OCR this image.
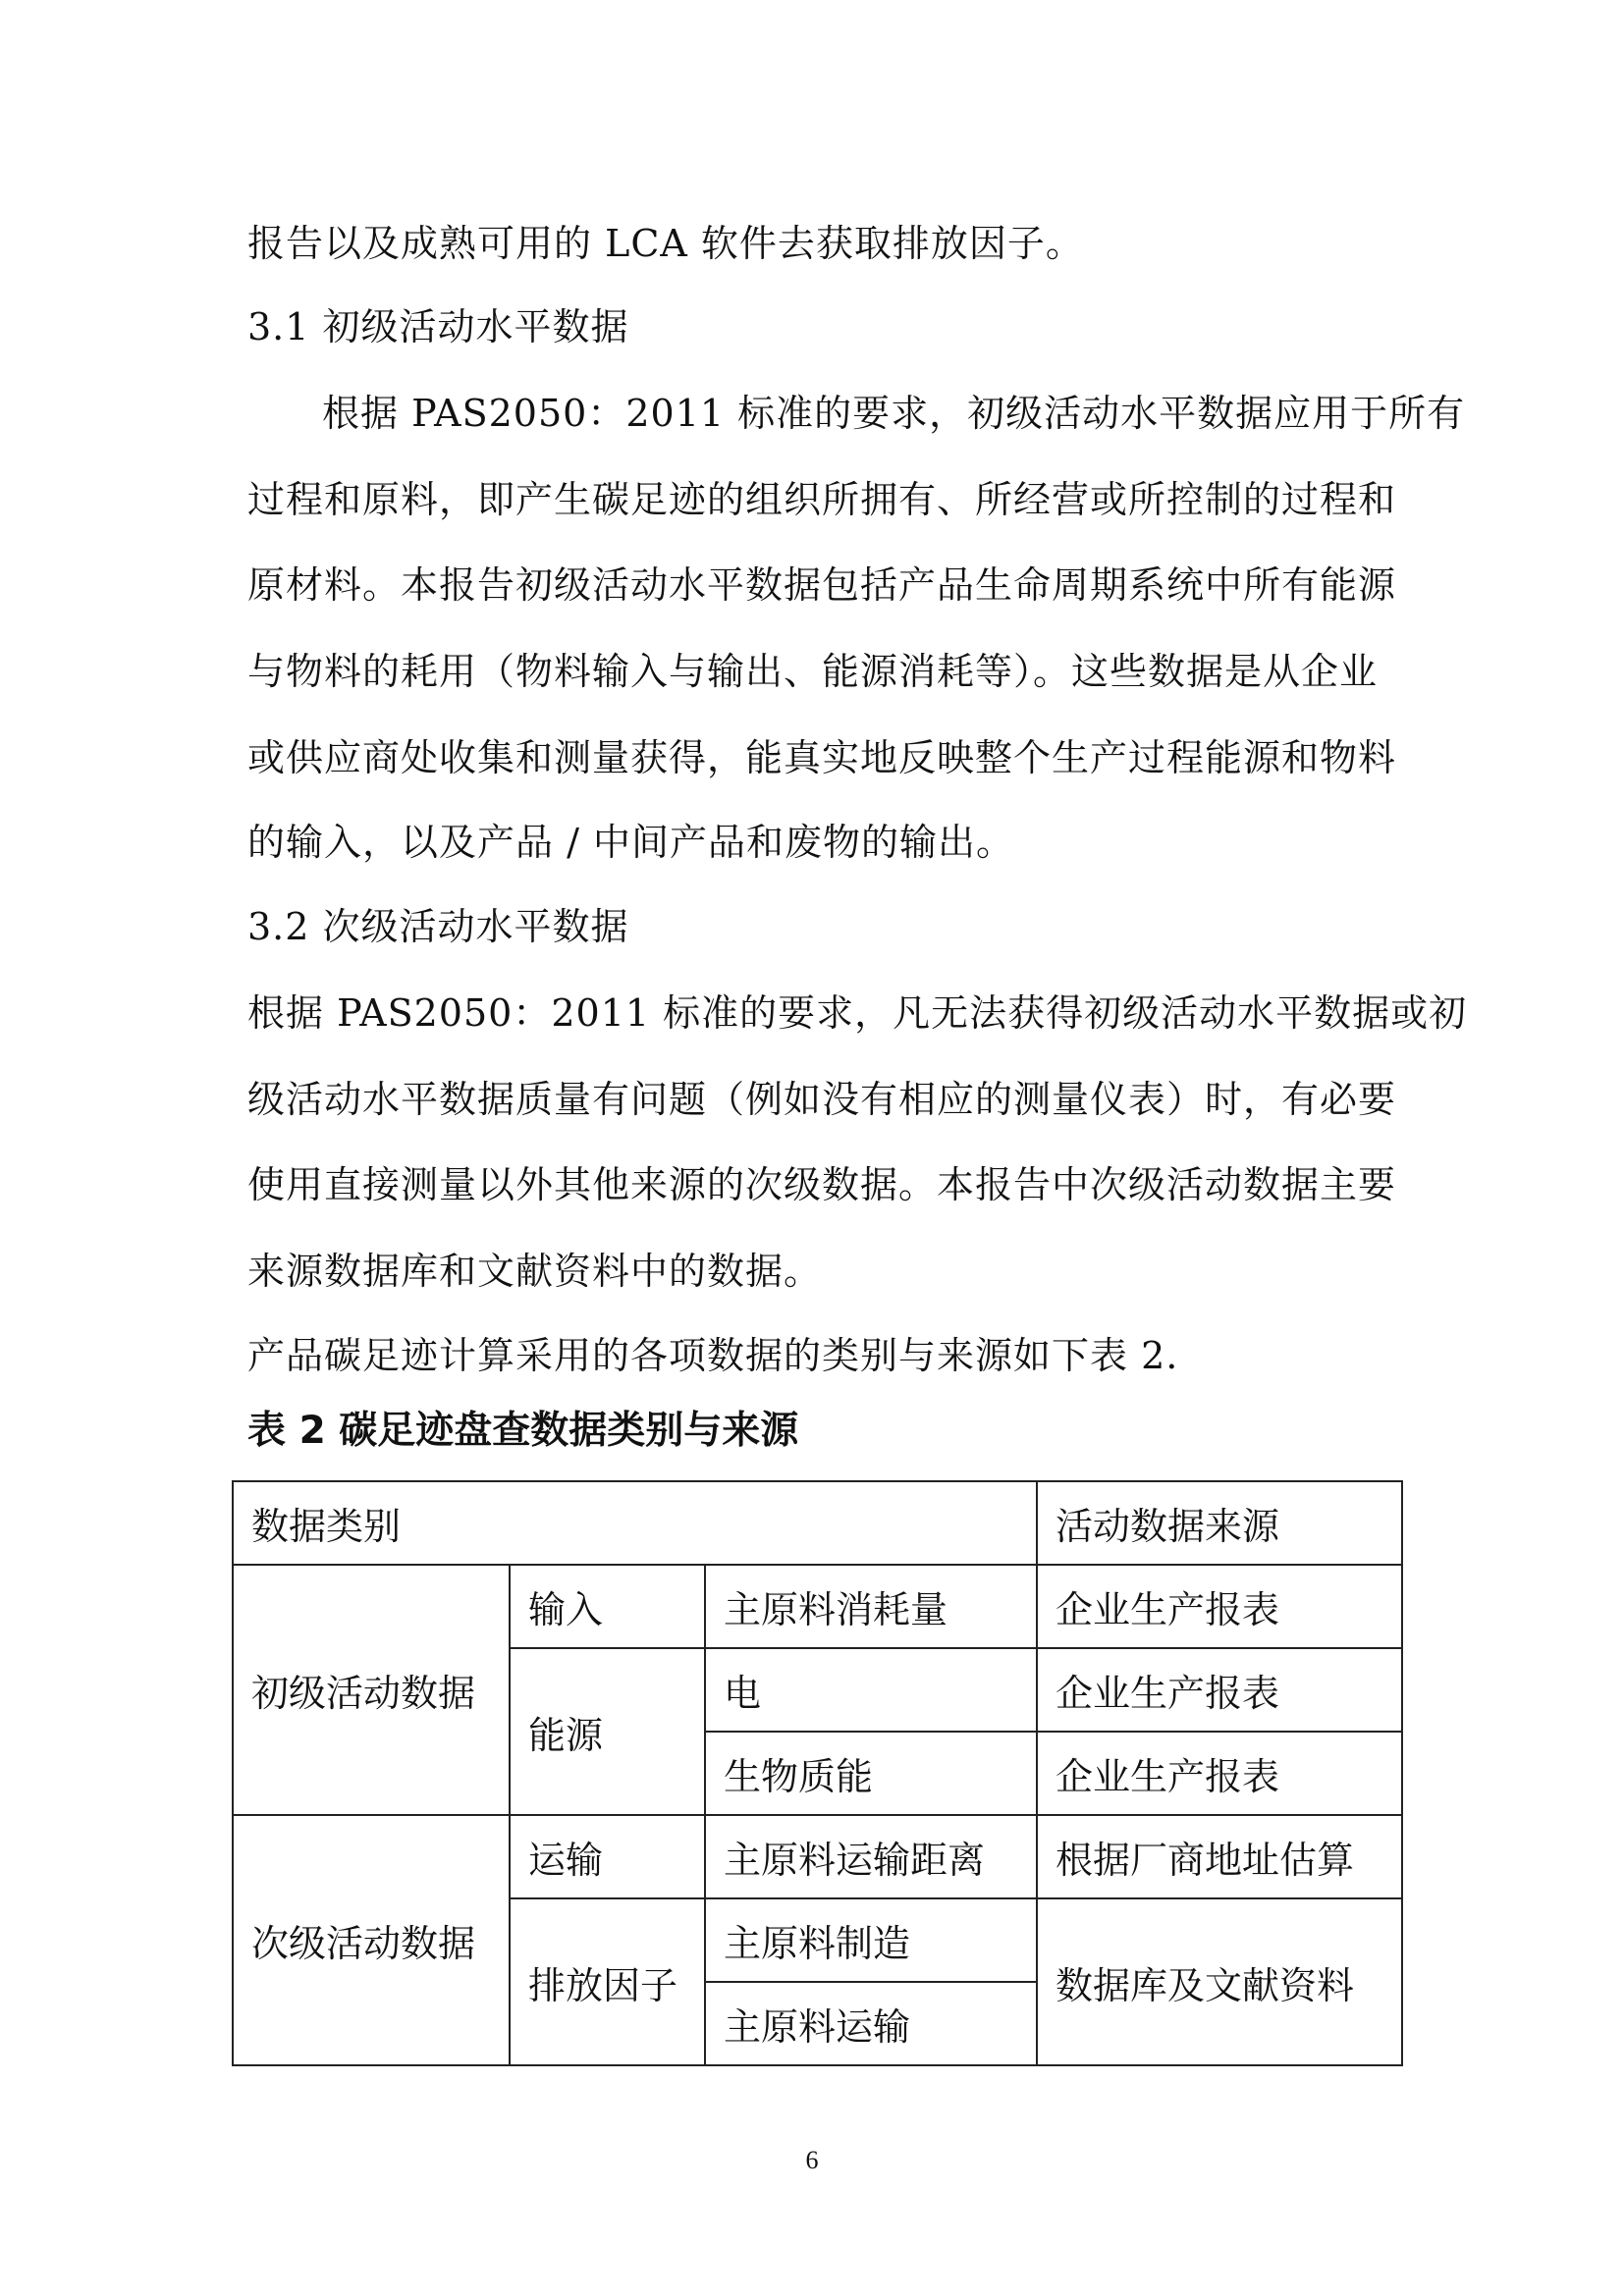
报告以及成熟可用的 LCA 软件去获取排放因子。
3.1 初级活动水平数据
根据 PAS2050：2011 标准的要求，初级活动水平数据应用于所有
过程和原料，即产生碳足迹的组织所拥有、所经营或所控制的过程和
原材料。本报告初级活动水平数据包括产品生命周期系统中所有能源
与物料的耗用（物料输入与输出、能源消耗等）。这些数据是从企业
或供应商处收集和测量获得，能真实地反映整个生产过程能源和物料
的输入，以及产品 / 中间产品和废物的输出。
3.2 次级活动水平数据
根据 PAS2050：2011 标准的要求，凡无法获得初级活动水平数据或初
级活动水平数据质量有问题（例如没有相应的测量仪表）时，有必要
使用直接测量以外其他来源的次级数据。本报告中次级活动数据主要
来源数据库和文献资料中的数据。
产品碳足迹计算采用的各项数据的类别与来源如下表 2.
表 2 碳足迹盘查数据类别与来源
数据类别			活动数据来源
初级活动数据	输入	主原料消耗量	企业生产报表
	能源	电	企业生产报表
		生物质能	企业生产报表
次级活动数据	运输	主原料运输距离	根据厂商地址估算
	排放因子	主原料制造	数据库及文献资料
		主原料运输	
6
